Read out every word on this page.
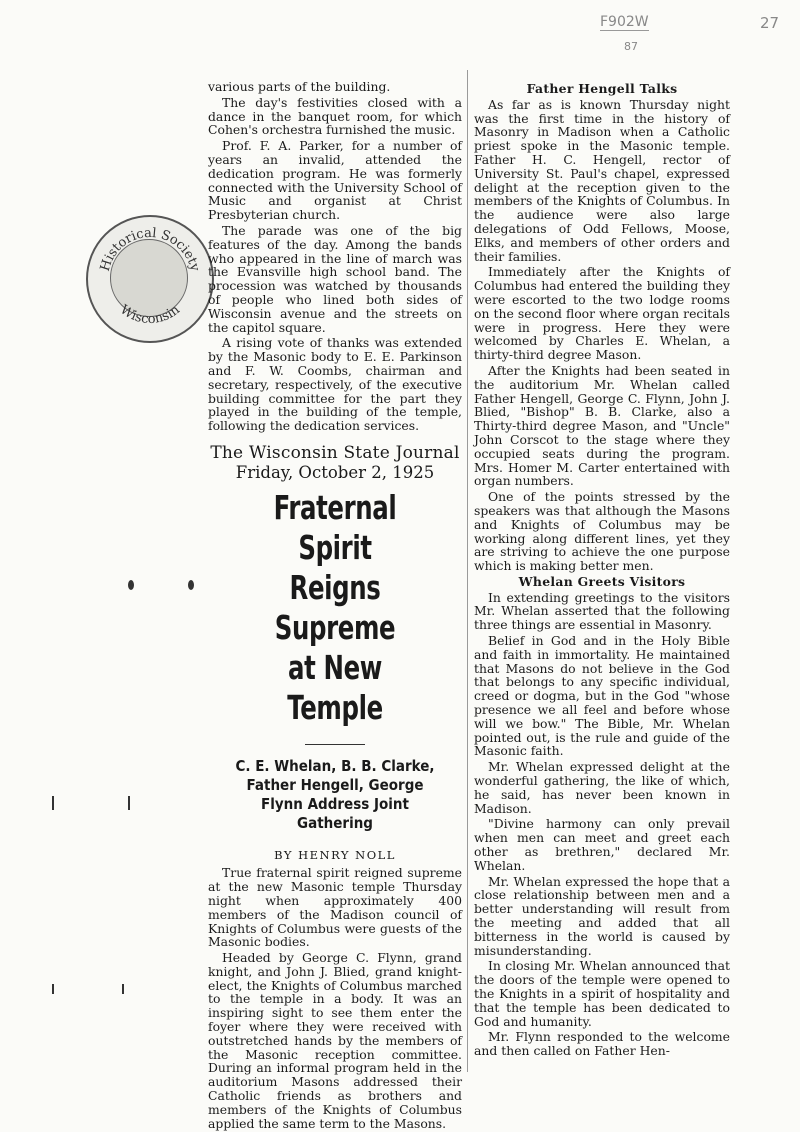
F902W
87
27
Historical Society
Wisconsin

various parts of the building.

The day's festivities closed with a dance in the banquet room, for which Cohen's orchestra furnished the music.

Prof. F. A. Parker, for a number of years an invalid, attended the dedication program. He was formerly connected with the University School of Music and organist at Christ Presbyterian church.

The parade was one of the big features of the day. Among the bands who appeared in the line of march was the Evansville high school band. The procession was watched by thousands of people who lined both sides of Wisconsin avenue and the streets on the capitol square.

A rising vote of thanks was extended by the Masonic body to E. E. Parkinson and F. W. Coombs, chairman and secretary, respectively, of the executive building committee for the part they played in the building of the temple, following the dedication services.

The Wisconsin State Journal
Friday, October 2, 1925
Fraternal Spirit
Reigns Supreme
at New Temple
C. E. Whelan, B. B. Clarke,
Father Hengell, George
Flynn Address Joint
Gathering
BY HENRY NOLL

True fraternal spirit reigned supreme at the new Masonic temple Thursday night when approximately 400 members of the Madison council of Knights of Columbus were guests of the Masonic bodies.

Headed by George C. Flynn, grand knight, and John J. Blied, grand knight-elect, the Knights of Columbus marched to the temple in a body. It was an inspiring sight to see them enter the foyer where they were received with outstretched hands by the members of the Masonic reception committee. During an informal program held in the auditorium Masons addressed their Catholic friends as brothers and members of the Knights of Columbus applied the same term to the Masons.

Father Hengell Talks

As far as is known Thursday night was the first time in the history of Masonry in Madison when a Catholic priest spoke in the Masonic temple. Father H. C. Hengell, rector of University St. Paul's chapel, expressed delight at the reception given to the members of the Knights of Columbus. In the audience were also large delegations of Odd Fellows, Moose, Elks, and members of other orders and their families.

Immediately after the Knights of Columbus had entered the building they were escorted to the two lodge rooms on the second floor where organ recitals were in progress. Here they were welcomed by Charles E. Whelan, a thirty-third degree Mason.

After the Knights had been seated in the auditorium Mr. Whelan called Father Hengell, George C. Flynn, John J. Blied, "Bishop" B. B. Clarke, also a Thirty-third degree Mason, and "Uncle" John Corscot to the stage where they occupied seats during the program. Mrs. Homer M. Carter entertained with organ numbers.

One of the points stressed by the speakers was that although the Masons and Knights of Columbus may be working along different lines, yet they are striving to achieve the one purpose which is making better men.

Whelan Greets Visitors

In extending greetings to the visitors Mr. Whelan asserted that the following three things are essential in Masonry.

Belief in God and in the Holy Bible and faith in immortality. He maintained that Masons do not believe in the God that belongs to any specific individual, creed or dogma, but in the God "whose presence we all feel and before whose will we bow." The Bible, Mr. Whelan pointed out, is the rule and guide of the Masonic faith.

Mr. Whelan expressed delight at the wonderful gathering, the like of which, he said, has never been known in Madison.

"Divine harmony can only prevail when men can meet and greet each other as brethren," declared Mr. Whelan.

Mr. Whelan expressed the hope that a close relationship between men and a better understanding will result from the meeting and added that all bitterness in the world is caused by misunderstanding.

In closing Mr. Whelan announced that the doors of the temple were opened to the Knights in a spirit of hospitality and that the temple has been dedicated to God and humanity.

Mr. Flynn responded to the welcome and then called on Father Hen-
